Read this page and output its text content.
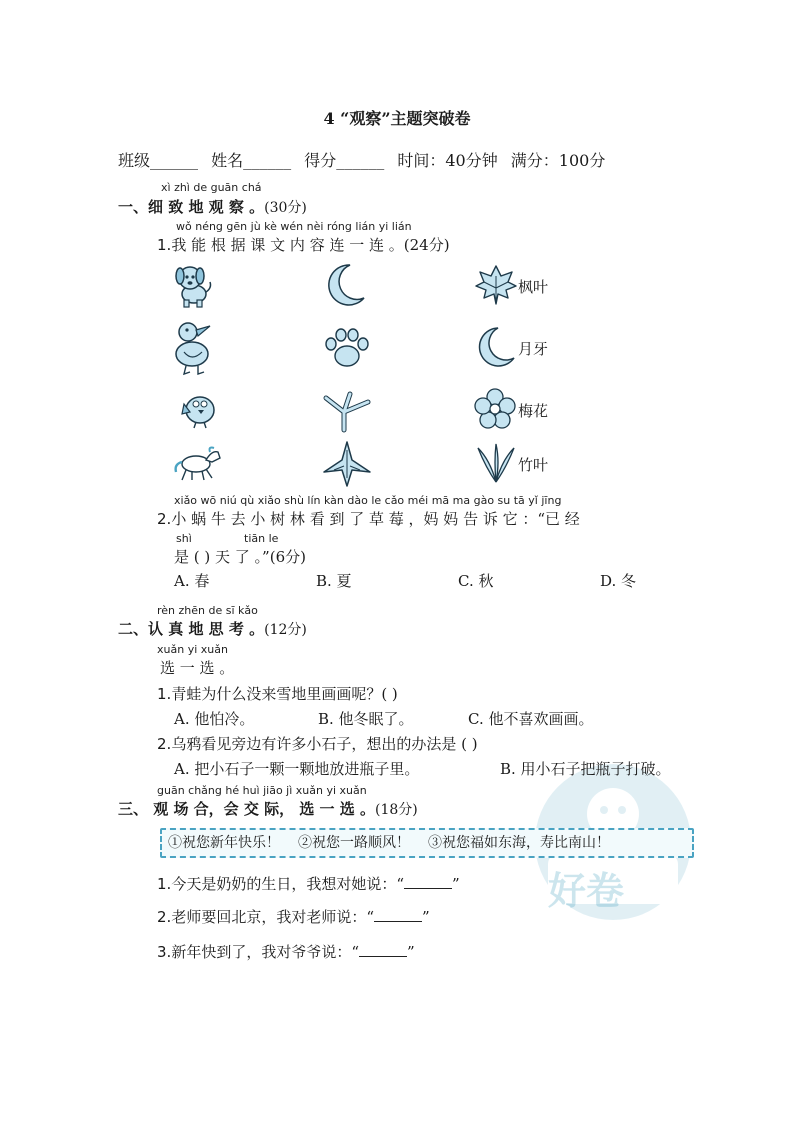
4 “观察”主题突破卷
班级______ 姓名______ 得分______ 时间：40分钟 满分：100分
好卷
xì zhì de guān chá
一、细 致 地 观 察 。(30分)
wǒ néng gēn jù kè wén nèi róng lián yi lián
1.我 能 根 据 课 文 内 容 连 一 连 。(24分)
枫叶
月牙
梅花
竹叶
xiǎo wō niú qù xiǎo shù lín kàn dào le cǎo méi mā ma gào su tā yǐ jīng
2.小 蜗 牛 去 小 树 林 看 到 了 草 莓 ，妈 妈 告 诉 它 ：“已 经
shì	tiān le
是 ( ) 天 了 。”(6分)
A. 春	B. 夏	C. 秋	D. 冬
rèn zhēn de sī kǎo
二、认 真 地 思 考 。(12分)
xuǎn yi xuǎn
选 一 选 。
1.青蛙为什么没来雪地里画画呢？( )
A. 他怕冷。	B. 他冬眠了。	C. 他不喜欢画画。
2.乌鸦看见旁边有许多小石子，想出的办法是 ( )
A. 把小石子一颗一颗地放进瓶子里。	B. 用小石子把瓶子打破。
guān chǎng hé huì jiāo jì xuǎn yi xuǎn
三、 观 场 合，会 交 际， 选 一 选 。(18分)
①祝您新年快乐！ ②祝您一路顺风！ ③祝您福如东海，寿比南山！
1.今天是奶奶的生日，我想对她说：“	”
2.老师要回北京，我对老师说：“	”
3.新年快到了，我对爷爷说：“	”
